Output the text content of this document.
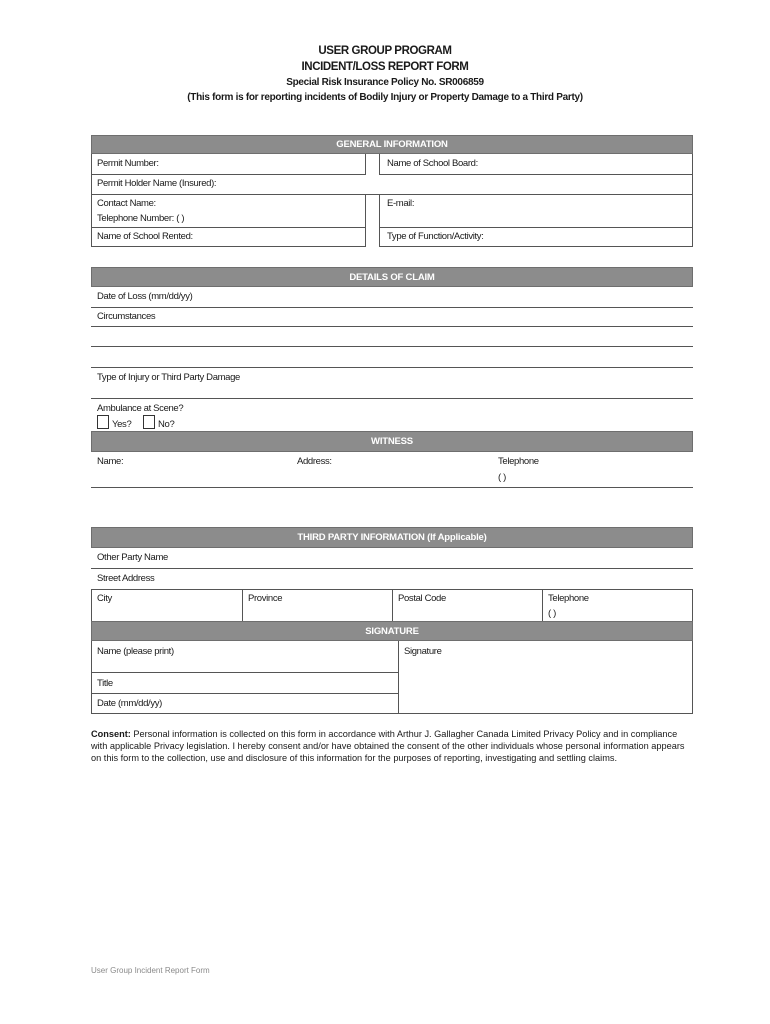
USER GROUP PROGRAM
INCIDENT/LOSS REPORT FORM
Special Risk Insurance Policy No. SR006859
(This form is for reporting incidents of Bodily Injury or Property Damage to a Third Party)
GENERAL INFORMATION
Permit Number:	Name of School Board:
Permit Holder Name (Insured):
Contact Name:
Telephone Number: ( )
E-mail:
Name of School Rented:	Type of Function/Activity:
DETAILS OF CLAIM
Date of Loss (mm/dd/yy)
Circumstances
Type of Injury or Third Party Damage
Ambulance at Scene?
Yes?	No?
WITNESS
Name:	Address:	Telephone
( )
THIRD PARTY INFORMATION (If Applicable)
Other Party Name
Street Address
City	Province	Postal Code	Telephone
( )
SIGNATURE
Name (please print)	Signature
Title
Date (mm/dd/yy)
Consent: Personal information is collected on this form in accordance with Arthur J. Gallagher Canada Limited Privacy Policy and in compliance with applicable Privacy legislation. I hereby consent and/or have obtained the consent of the other individuals whose personal information appears on this form to the collection, use and disclosure of this information for the purposes of reporting, investigating and settling claims.
User Group Incident Report Form
